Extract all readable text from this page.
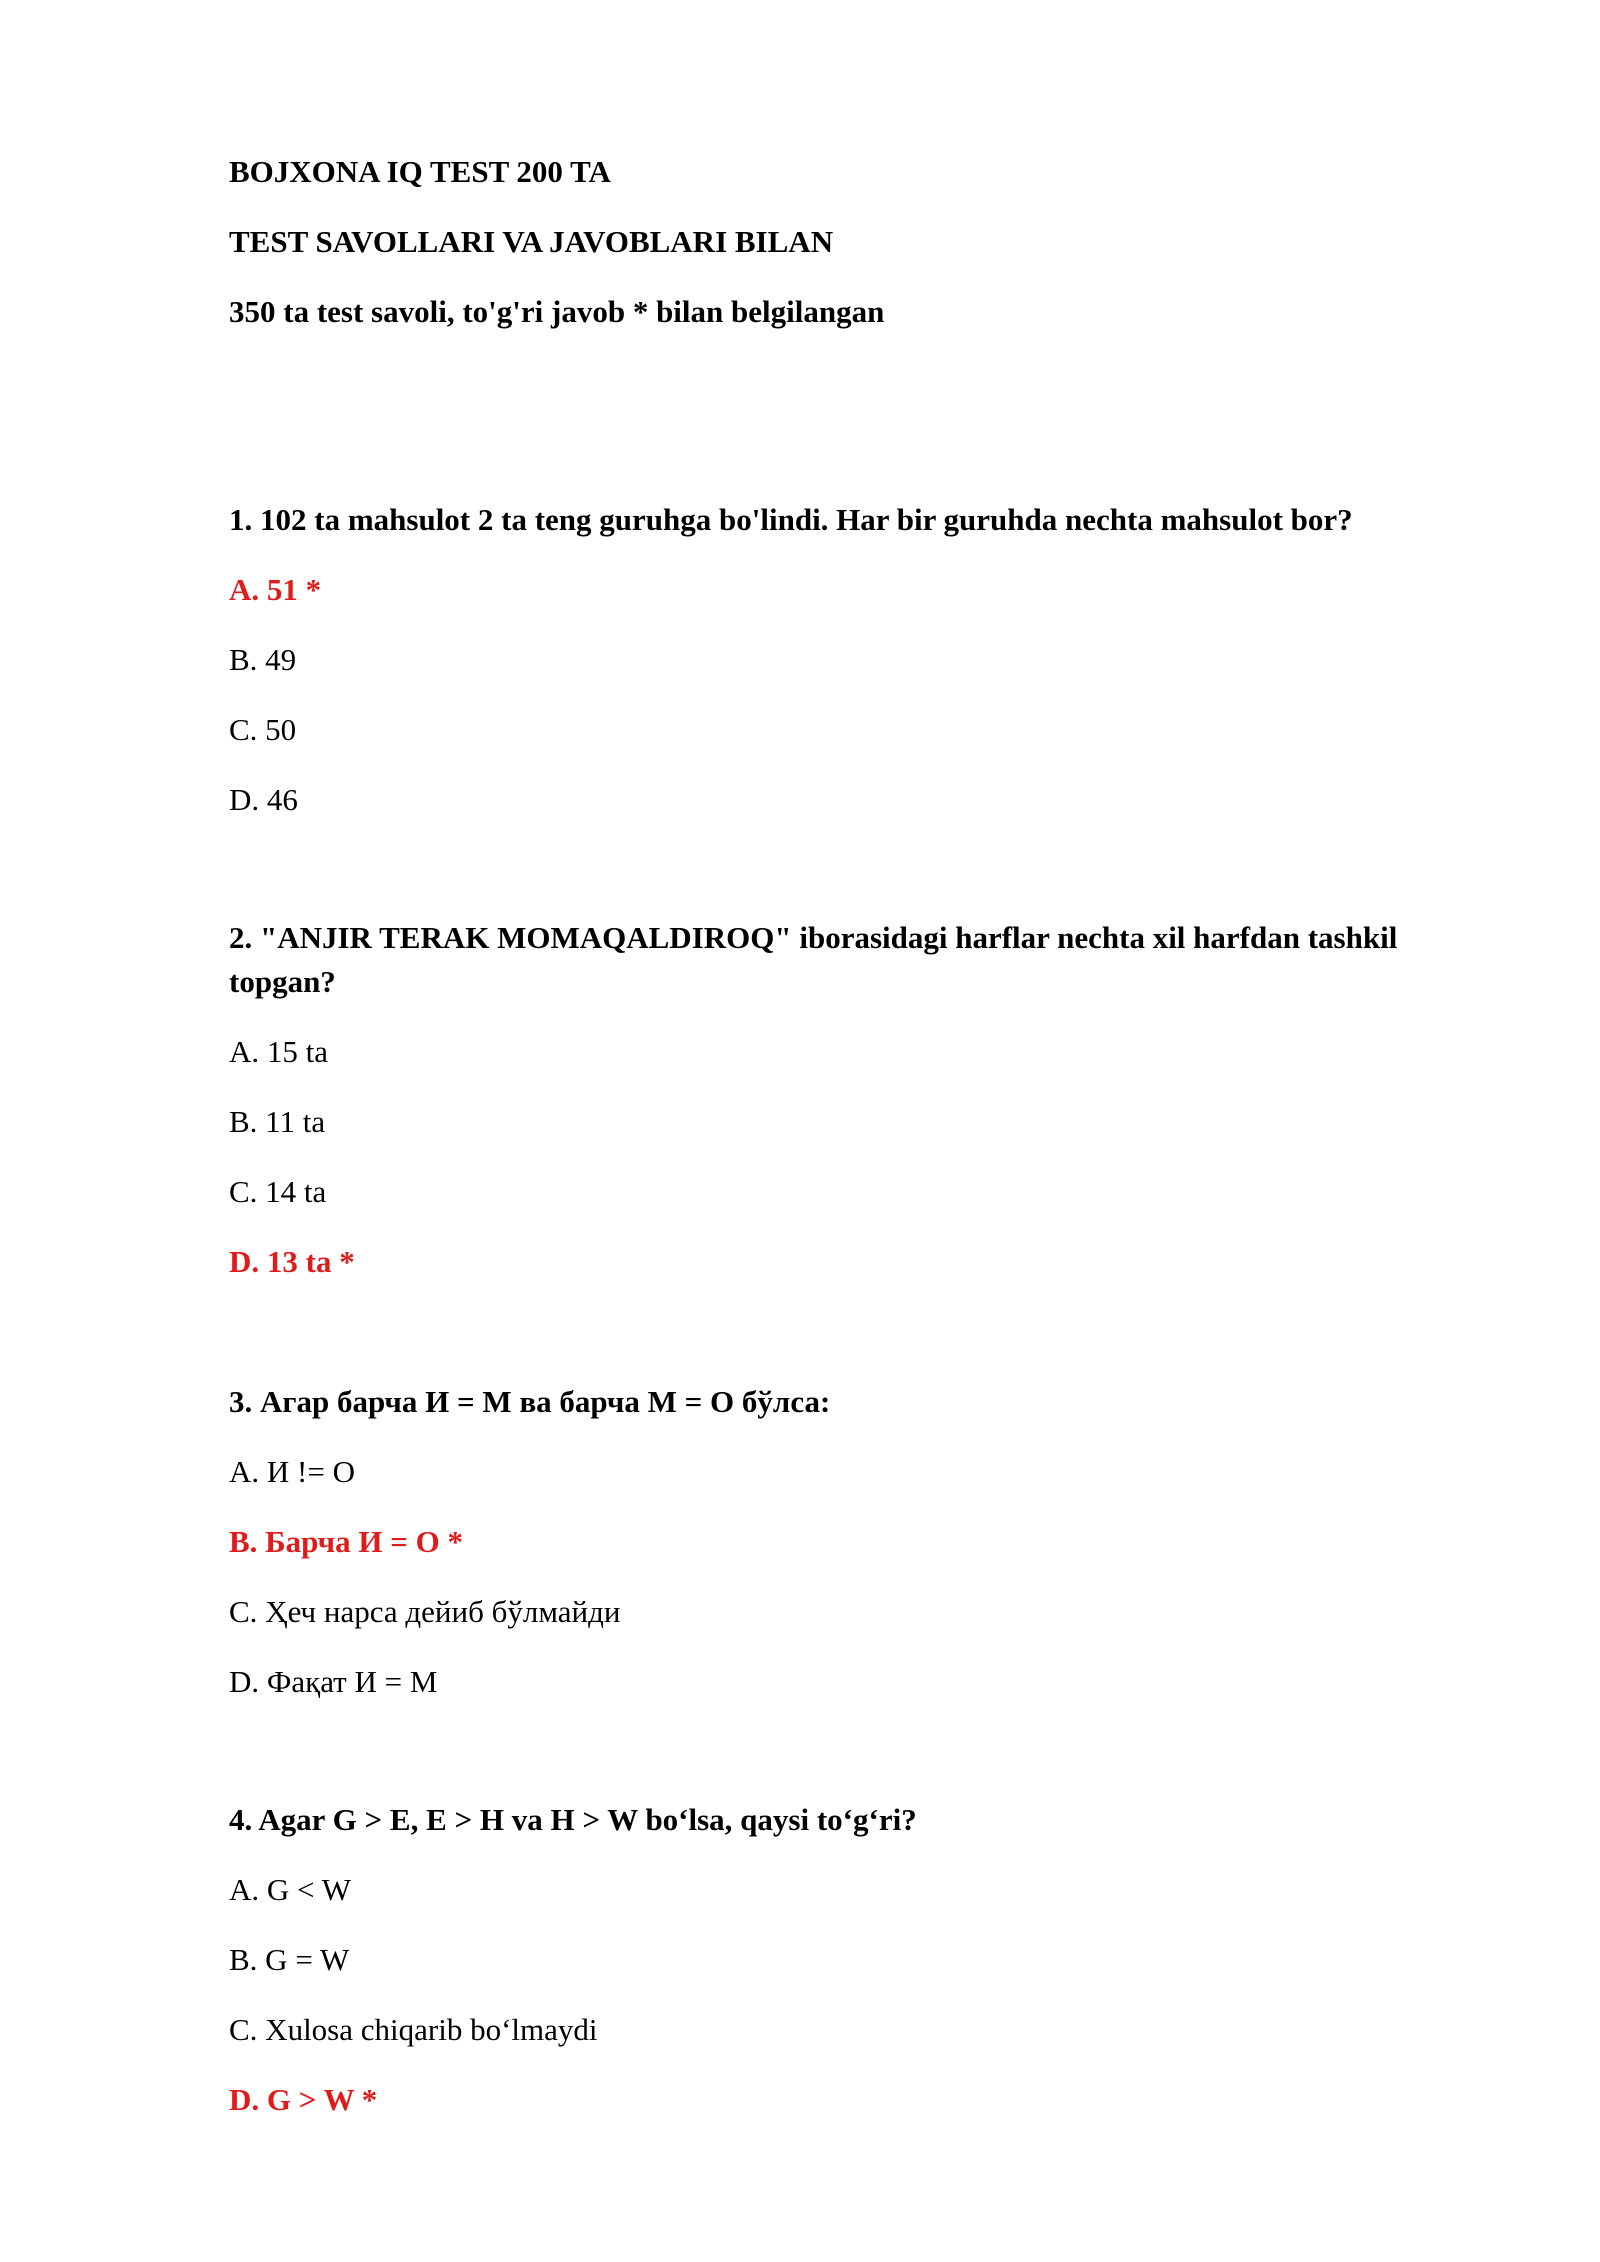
BOJXONA IQ TEST 200 TA
TEST SAVOLLARI VA JAVOBLARI BILAN
350 ta test savoli, to'g'ri javob * bilan belgilangan
1. 102 ta mahsulot 2 ta teng guruhga bo'lindi. Har bir guruhda nechta mahsulot bor?
A. 51 *
B. 49
C. 50
D. 46
2. "ANJIR TERAK MOMAQALDIROQ" iborasidagi harflar nechta xil harfdan tashkil
topgan?
A. 15 ta
B. 11 ta
C. 14 ta
D. 13 ta *
3. Агар барча И = М ва барча М = О бўлса:
A. И != О
B. Барча И = О *
C. Ҳеч нарса дейиб бўлмайди
D. Фақат И = М
4. Agar G > E, E > H va H > W bo‘lsa, qaysi to‘g‘ri?
A. G < W
B. G = W
C. Xulosa chiqarib bo‘lmaydi
D. G > W *
